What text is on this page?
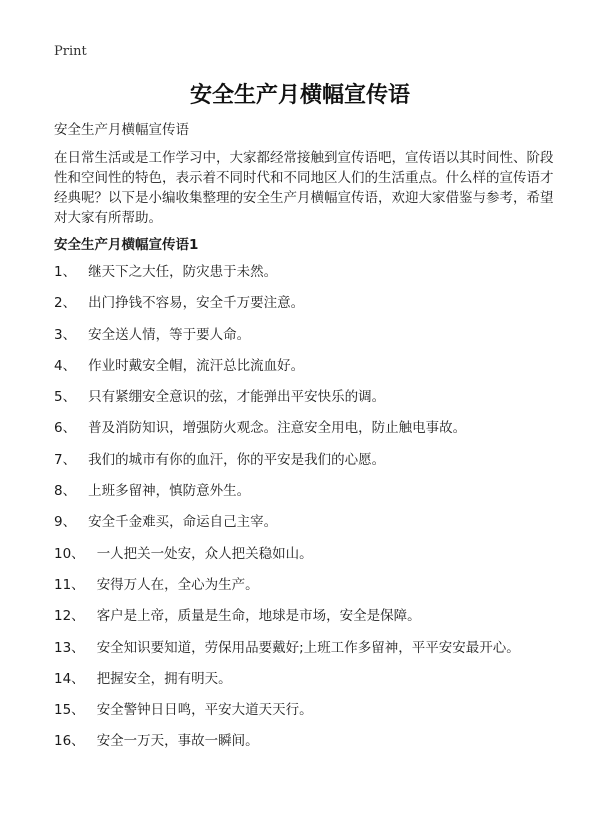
Print
安全生产月横幅宣传语

安全生产月横幅宣传语

在日常生活或是工作学习中，大家都经常接触到宣传语吧，宣传语以其时间性、阶段性和空间性的特色，表示着不同时代和不同地区人们的生活重点。什么样的宣传语才经典呢？以下是小编收集整理的安全生产月横幅宣传语，欢迎大家借鉴与参考，希望对大家有所帮助。

安全生产月横幅宣传语1
1、 继天下之大任，防灾患于未然。
2、 出门挣钱不容易，安全千万要注意。
3、 安全送人情，等于要人命。
4、 作业时戴安全帽，流汗总比流血好。
5、 只有紧绷安全意识的弦，才能弹出平安快乐的调。
6、 普及消防知识，增强防火观念。注意安全用电，防止触电事故。
7、 我们的城市有你的血汗，你的平安是我们的心愿。
8、 上班多留神，慎防意外生。
9、 安全千金难买，命运自己主宰。
10、 一人把关一处安，众人把关稳如山。
11、 安得万人在，全心为生产。
12、 客户是上帝，质量是生命，地球是市场，安全是保障。
13、 安全知识要知道，劳保用品要戴好;上班工作多留神，平平安安最开心。
14、 把握安全，拥有明天。
15、 安全警钟日日鸣，平安大道天天行。
16、 安全一万天，事故一瞬间。
